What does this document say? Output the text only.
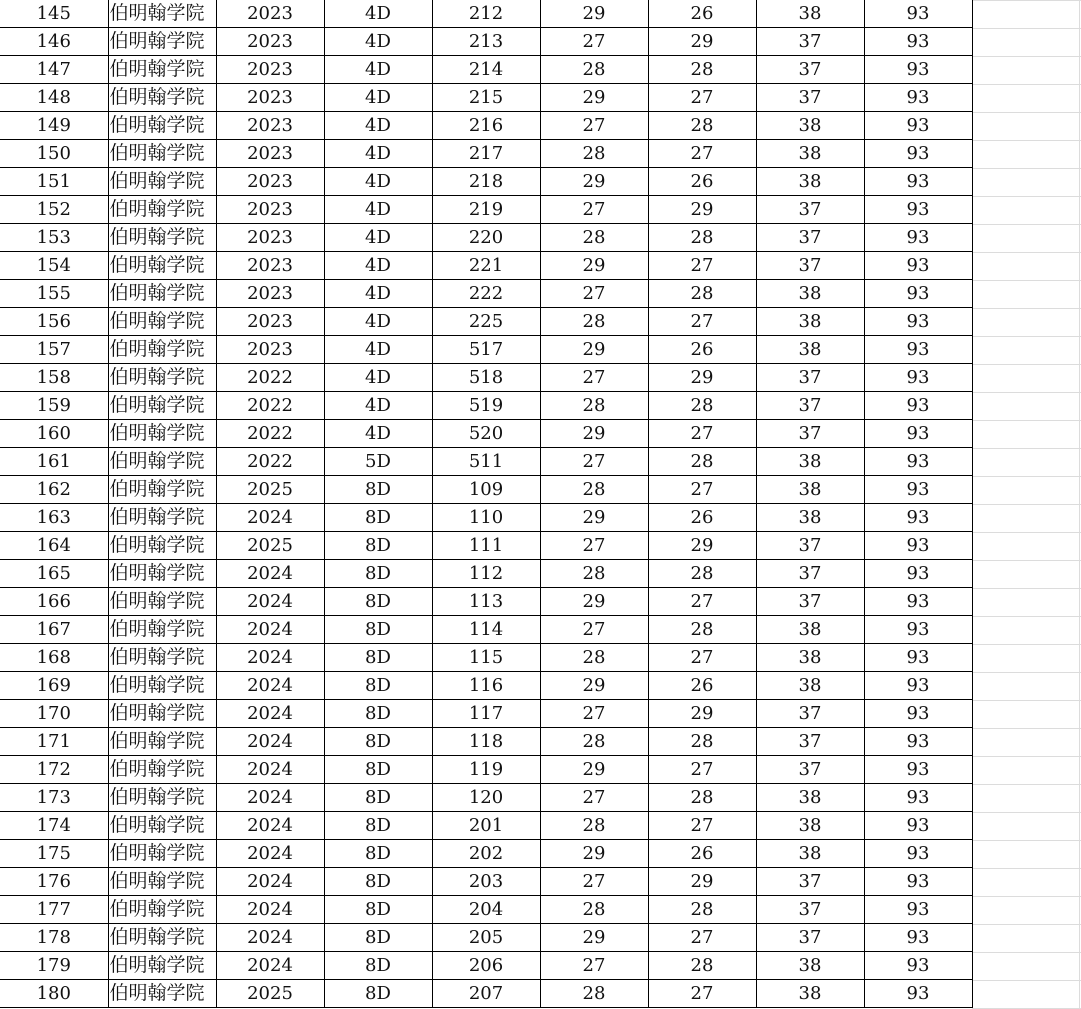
145	伯明翰学院	2023	4D	212	29	26	38	93
146	伯明翰学院	2023	4D	213	27	29	37	93
147	伯明翰学院	2023	4D	214	28	28	37	93
148	伯明翰学院	2023	4D	215	29	27	37	93
149	伯明翰学院	2023	4D	216	27	28	38	93
150	伯明翰学院	2023	4D	217	28	27	38	93
151	伯明翰学院	2023	4D	218	29	26	38	93
152	伯明翰学院	2023	4D	219	27	29	37	93
153	伯明翰学院	2023	4D	220	28	28	37	93
154	伯明翰学院	2023	4D	221	29	27	37	93
155	伯明翰学院	2023	4D	222	27	28	38	93
156	伯明翰学院	2023	4D	225	28	27	38	93
157	伯明翰学院	2023	4D	517	29	26	38	93
158	伯明翰学院	2022	4D	518	27	29	37	93
159	伯明翰学院	2022	4D	519	28	28	37	93
160	伯明翰学院	2022	4D	520	29	27	37	93
161	伯明翰学院	2022	5D	511	27	28	38	93
162	伯明翰学院	2025	8D	109	28	27	38	93
163	伯明翰学院	2024	8D	110	29	26	38	93
164	伯明翰学院	2025	8D	111	27	29	37	93
165	伯明翰学院	2024	8D	112	28	28	37	93
166	伯明翰学院	2024	8D	113	29	27	37	93
167	伯明翰学院	2024	8D	114	27	28	38	93
168	伯明翰学院	2024	8D	115	28	27	38	93
169	伯明翰学院	2024	8D	116	29	26	38	93
170	伯明翰学院	2024	8D	117	27	29	37	93
171	伯明翰学院	2024	8D	118	28	28	37	93
172	伯明翰学院	2024	8D	119	29	27	37	93
173	伯明翰学院	2024	8D	120	27	28	38	93
174	伯明翰学院	2024	8D	201	28	27	38	93
175	伯明翰学院	2024	8D	202	29	26	38	93
176	伯明翰学院	2024	8D	203	27	29	37	93
177	伯明翰学院	2024	8D	204	28	28	37	93
178	伯明翰学院	2024	8D	205	29	27	37	93
179	伯明翰学院	2024	8D	206	27	28	38	93
180	伯明翰学院	2025	8D	207	28	27	38	93
